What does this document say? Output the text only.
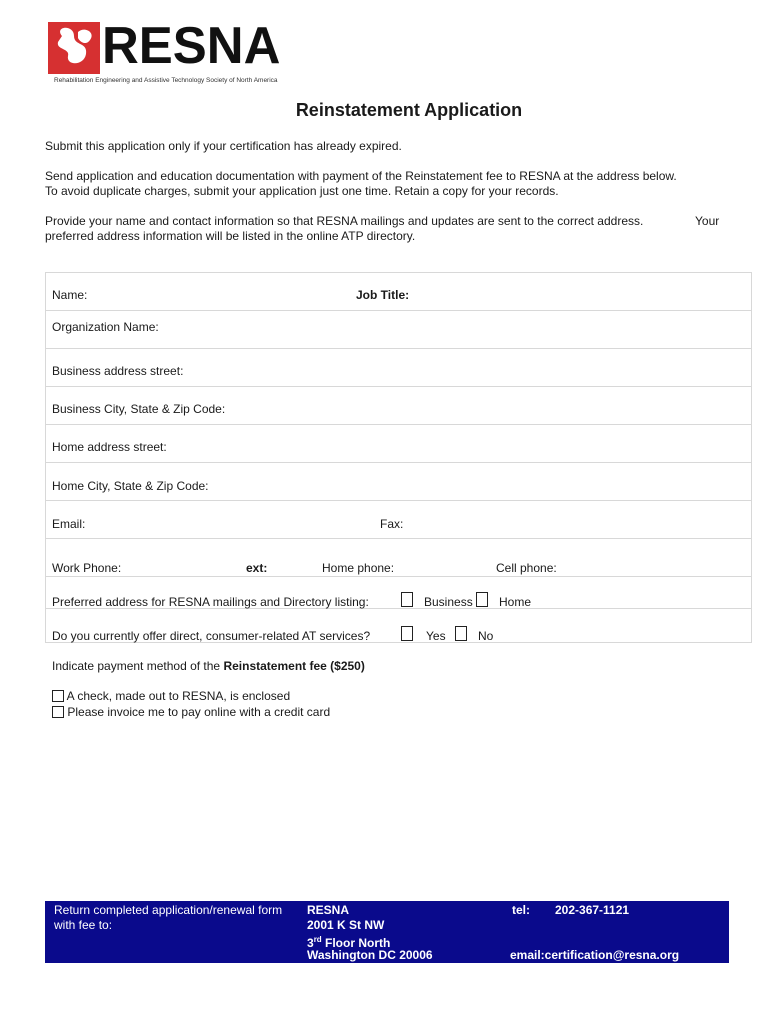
RESNA
Rehabilitation Engineering and Assistive Technology Society of North America
Reinstatement Application
Submit this application only if your certification has already expired.
Send application and education documentation with payment of the Reinstatement fee to RESNA at the address below.
To avoid duplicate charges, submit your application just one time. Retain a copy for your records.
Provide your name and contact information so that RESNA mailings and updates are sent to the correct address.	Your
preferred address information will be listed in the online ATP directory.
Name:	Job Title:
Organization Name:
Business address street:
Business City, State & Zip Code:
Home address street:
Home City, State & Zip Code:
Email:	Fax:
Work Phone:	ext:	Home phone:	Cell phone:
Preferred address for RESNA mailings and Directory listing:	Business Home
Do you currently offer direct, consumer-related AT services?	Yes	No
Indicate payment method of the Reinstatement fee ($250)
A check, made out to RESNA, is enclosed
Please invoice me to pay online with a credit card
Return completed application/renewal form
with fee to:
RESNA
2001 K St NW
3rd Floor North
Washington DC 20006
tel: 202-367-1121
email:certification@resna.org
